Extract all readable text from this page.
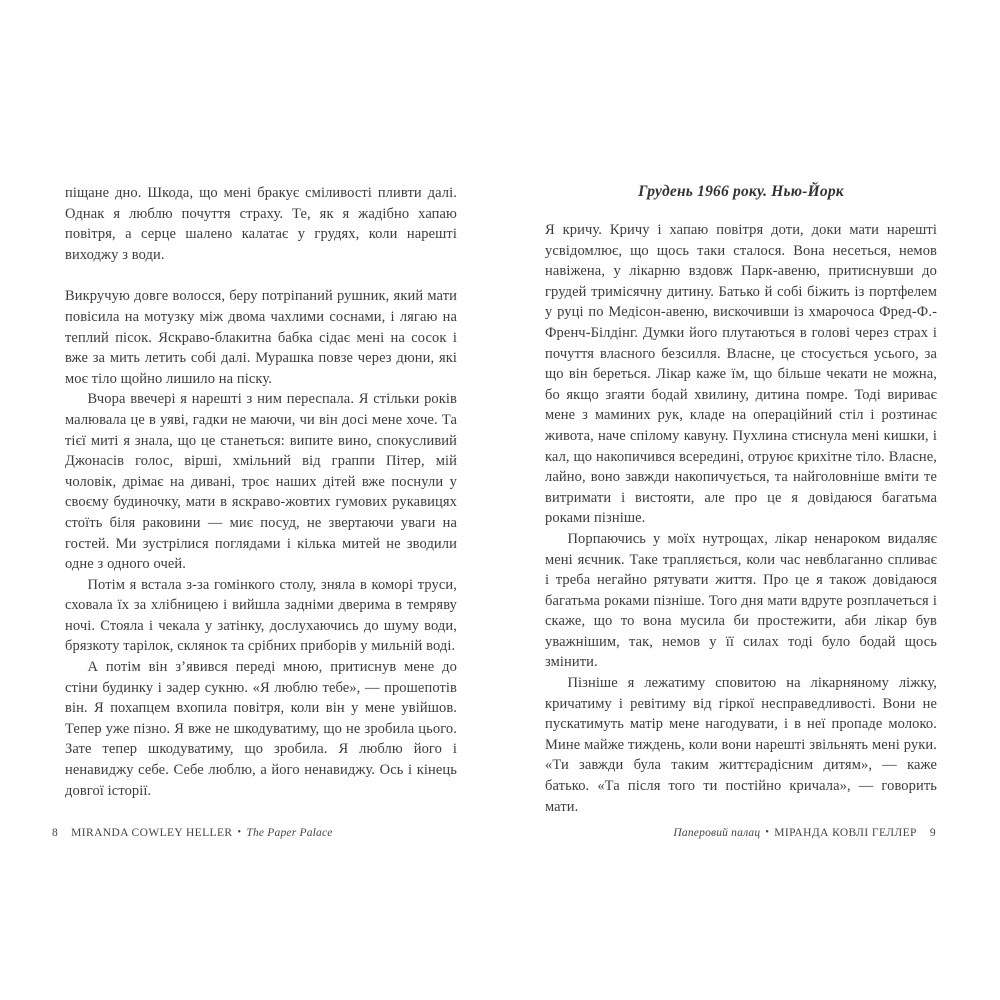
піщане дно. Шкода, що мені бракує сміливості пливти далі. Однак я люблю почуття страху. Те, як я жадібно хапаю повітря, а серце шалено калатає у грудях, коли нарешті виходжу з води.

Викручую довге волосся, беру потріпаний рушник, який мати повісила на мотузку між двома чахлими соснами, і лягаю на теплий пісок. Яскраво-блакитна бабка сідає мені на сосок і вже за мить летить собі далі. Мурашка повзе через дюни, які моє тіло щойно лишило на піску.

Вчора ввечері я нарешті з ним переспала. Я стільки років малювала це в уяві, гадки не маючи, чи він досі мене хоче. Та тієї миті я знала, що це станеться: випите вино, спокусливий Джонасів голос, вірші, хмільний від граппи Пітер, мій чоловік, дрімає на дивані, троє наших дітей вже поснули у своєму будиночку, мати в яскраво-жовтих гумових рукавицях стоїть біля раковини — миє посуд, не звертаючи уваги на гостей. Ми зустрілися поглядами і кілька митей не зводили одне з одного очей.

Потім я встала з-за гомінкого столу, зняла в коморі труси, сховала їх за хлібницею і вийшла задніми дверима в темряву ночі. Стояла і чекала у затінку, дослухаючись до шуму води, брязкоту тарілок, склянок та срібних приборів у мильній воді.

А потім він з’явився переді мною, притиснув мене до стіни будинку і задер сукню. «Я люблю тебе», — прошепотів він. Я похапцем вхопила повітря, коли він у мене увійшов. Тепер уже пізно. Я вже не шкодуватиму, що не зробила цього. Зате тепер шкодуватиму, що зробила. Я люблю його і ненавиджу себе. Себе люблю, а його ненавиджу. Ось і кінець довгої історії.

Грудень 1966 року. Нью-Йорк

Я кричу. Кричу і хапаю повітря доти, доки мати нарешті усвідомлює, що щось таки сталося. Вона несеться, немов навіжена, у лікарню вздовж Парк-авеню, притиснувши до грудей тримісячну дитину. Батько й собі біжить із портфелем у руці по Медісон-авеню, вискочивши із хмарочоса Фред-Ф.-Френч-Білдінг. Думки його плутаються в голові через страх і почуття власного безсилля. Власне, це стосується усього, за що він береться. Лікар каже їм, що більше чекати не можна, бо якщо згаяти бодай хвилину, дитина помре. Тоді вириває мене з маминих рук, кладе на операційний стіл і розтинає живота, наче спілому кавуну. Пухлина стиснула мені кишки, і кал, що накопичився всередині, отруює крихітне тіло. Власне, лайно, воно завжди накопичується, та найголовніше вміти те витримати і вистояти, але про це я довідаюся багатьма роками пізніше.

Порпаючись у моїх нутрощах, лікар ненароком видаляє мені яєчник. Таке трапляється, коли час невблаганно спливає і треба негайно рятувати життя. Про це я також довідаюся багатьма роками пізніше. Того дня мати вдруте розплачеться і скаже, що то вона мусила би простежити, аби лікар був уважнішим, так, немов у її силах тоді було бодай щось змінити.

Пізніше я лежатиму сповитою на лікарняному ліжку, кричатиму і ревітиму від гіркої несправедливості. Вони не пускатимуть матір мене нагодувати, і в неї пропаде молоко. Мине майже тиждень, коли вони нарешті звільнять мені руки. «Ти завжди була таким життєрадісним дитям», — каже батько. «Та після того ти постійно кричала», — говорить мати.

8 MIRANDA COWLEY HELLER • The Paper Palace	Паперовий палац • МІРАНДА КОВЛІ ГЕЛЛЕР 9
